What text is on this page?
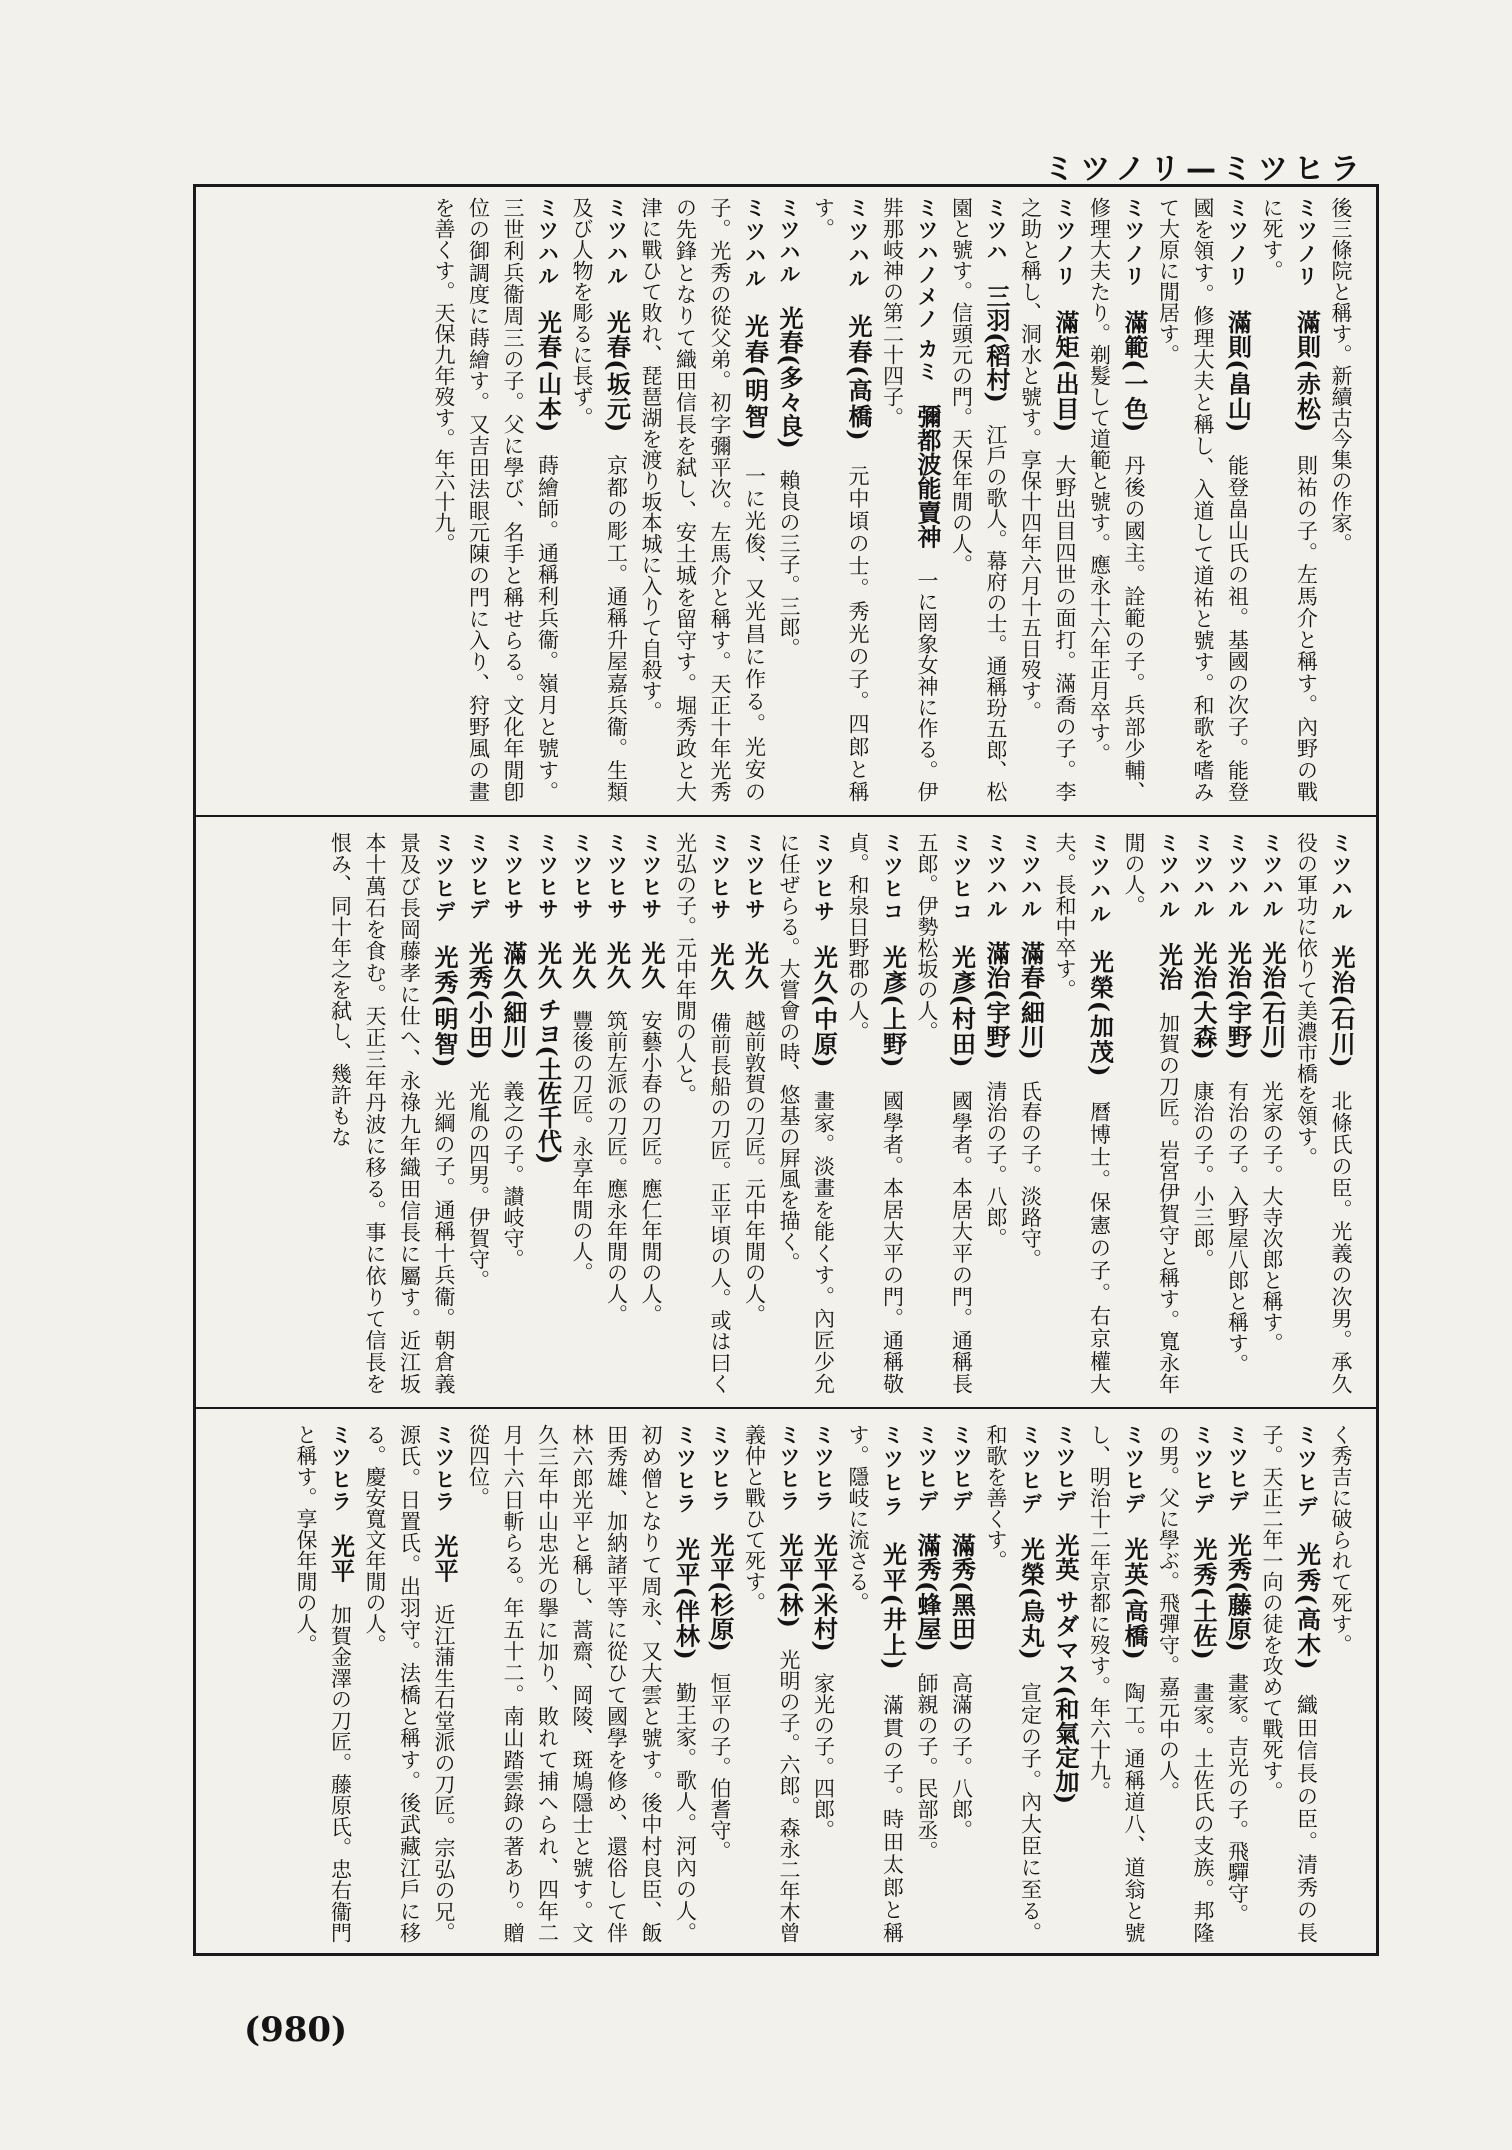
ミツノリ—ミツヒラ

後三條院と稱す。新續古今集の作家。

ミツノリ　滿則(赤松)　則祐の子。左馬介と稱す。內野の戰に死す。

ミツノリ　滿則(畠山)　能登畠山氏の祖。基國の次子。能登國を領す。修理大夫と稱し、入道して道祐と號す。和歌を嗜みて大原に閒居す。

ミツノリ　滿範(一色)　丹後の國主。詮範の子。兵部少輔、修理大夫たり。剃髮して道範と號す。應永十六年正月卒す。

ミツノリ　滿矩(出目)　大野出目四世の面打。滿喬の子。李之助と稱し、洞水と號す。享保十四年六月十五日歿す。

ミツハ　三羽(稻村)　江戶の歌人。幕府の士。通稱玢五郎、松園と號す。信頭元の門。天保年閒の人。

ミツハノメノ カミ　彌都波能賣神　一に罔象女神に作る。伊弉那岐神の第二十四子。

ミツハル　光春(高橋)　元中頃の士。秀光の子。四郎と稱す。

ミツハル　光春(多々良)　賴良の三子。三郎。

ミツハル　光春(明智)　一に光俊、又光昌に作る。光安の子。光秀の從父弟。初字彌平次。左馬介と稱す。天正十年光秀の先鋒となりて織田信長を弑し、安土城を留守す。堀秀政と大津に戰ひて敗れ、琵琶湖を渡り坂本城に入りて自殺す。

ミツハル　光春(坂元)　京都の彫工。通稱升屋嘉兵衞。生類及び人物を彫るに長ず。

ミツハル　光春(山本)　蒔繪師。通稱利兵衞。嶺月と號す。三世利兵衞周三の子。父に學び、名手と稱せらる。文化年閒卽位の御調度に蒔繪す。又吉田法眼元陳の門に入り、狩野風の畫を善くす。天保九年歿す。年六十九。

ミツハル　光治(石川)　北條氏の臣。光義の次男。承久役の軍功に依りて美濃市橋を領す。

ミツハル　光治(石川)　光家の子。大寺次郎と稱す。

ミツハル　光治(宇野)　有治の子。入野屋八郎と稱す。

ミツハル　光治(大森)　康治の子。小三郎。

ミツハル　光治　加賀の刀匠。岩宮伊賀守と稱す。寬永年閒の人。

ミツハル　光榮(加茂)　曆博士。保憲の子。右京權大夫。長和中卒す。

ミツハル　滿春(細川)　氏春の子。淡路守。

ミツハル　滿治(宇野)　清治の子。八郎。

ミツヒコ　光彥(村田)　國學者。本居大平の門。通稱長五郎。伊勢松坂の人。

ミツヒコ　光彥(上野)　國學者。本居大平の門。通稱敬貞。和泉日野郡の人。

ミツヒサ　光久(中原)　畫家。淡畫を能くす。內匠少允に任ぜらる。大嘗會の時、悠基の屛風を描く。

ミツヒサ　光久　越前敦賀の刀匠。元中年閒の人。

ミツヒサ　光久　備前長船の刀匠。正平頃の人。或は曰く光弘の子。元中年閒の人と。

ミツヒサ　光久　安藝小春の刀匠。應仁年閒の人。

ミツヒサ　光久　筑前左派の刀匠。應永年閒の人。

ミツヒサ　光久　豐後の刀匠。永享年閒の人。

ミツヒサ　光久 チヨ(土佐千代)　

ミツヒサ　滿久(細川)　義之の子。讃岐守。

ミツヒデ　光秀(小田)　光胤の四男。伊賀守。

ミツヒデ　光秀(明智)　光綱の子。通稱十兵衞。朝倉義景及び長岡藤孝に仕へ、永祿九年織田信長に屬す。近江坂本十萬石を食む。天正三年丹波に移る。事に依りて信長を恨み、同十年之を弑し、幾許もな

く秀吉に破られて死す。

ミツヒデ　光秀(高木)　織田信長の臣。清秀の長子。天正二年一向の徒を攻めて戰死す。

ミツヒデ　光秀(藤原)　畫家。吉光の子。飛驒守。

ミツヒデ　光秀(土佐)　畫家。土佐氏の支族。邦隆の男。父に學ぶ。飛彈守。嘉元中の人。

ミツヒデ　光英(高橋)　陶工。通稱道八、道翁と號し、明治十二年京都に歿す。年六十九。

ミツヒデ　光英 サダマス(和氣定加)　

ミツヒデ　光榮(烏丸)　宣定の子。內大臣に至る。和歌を善くす。

ミツヒデ　滿秀(黑田)　高滿の子。八郎。

ミツヒデ　滿秀(蜂屋)　師親の子。民部丞。

ミツヒラ　光平(井上)　滿貫の子。時田太郎と稱す。隱岐に流さる。

ミツヒラ　光平(米村)　家光の子。四郎。

ミツヒラ　光平(林)　光明の子。六郎。森永二年木曾義仲と戰ひて死す。

ミツヒラ　光平(杉原)　恒平の子。伯耆守。

ミツヒラ　光平(伴林)　勤王家。歌人。河內の人。初め僧となりて周永、又大雲と號す。後中村良臣、飯田秀雄、加納諸平等に從ひて國學を修め、還俗して伴林六郎光平と稱し、蒿齋、岡陵、斑鳩隱士と號す。文久三年中山忠光の擧に加り、敗れて捕へられ、四年二月十六日斬らる。年五十二。南山踏雲錄の著あり。贈從四位。

ミツヒラ　光平　近江蒲生石堂派の刀匠。宗弘の兄。源氏。日置氏。出羽守。法橋と稱す。後武藏江戶に移る。慶安寬文年閒の人。

ミツヒラ　光平　加賀金澤の刀匠。藤原氏。忠右衞門と稱す。享保年閒の人。

(980)
